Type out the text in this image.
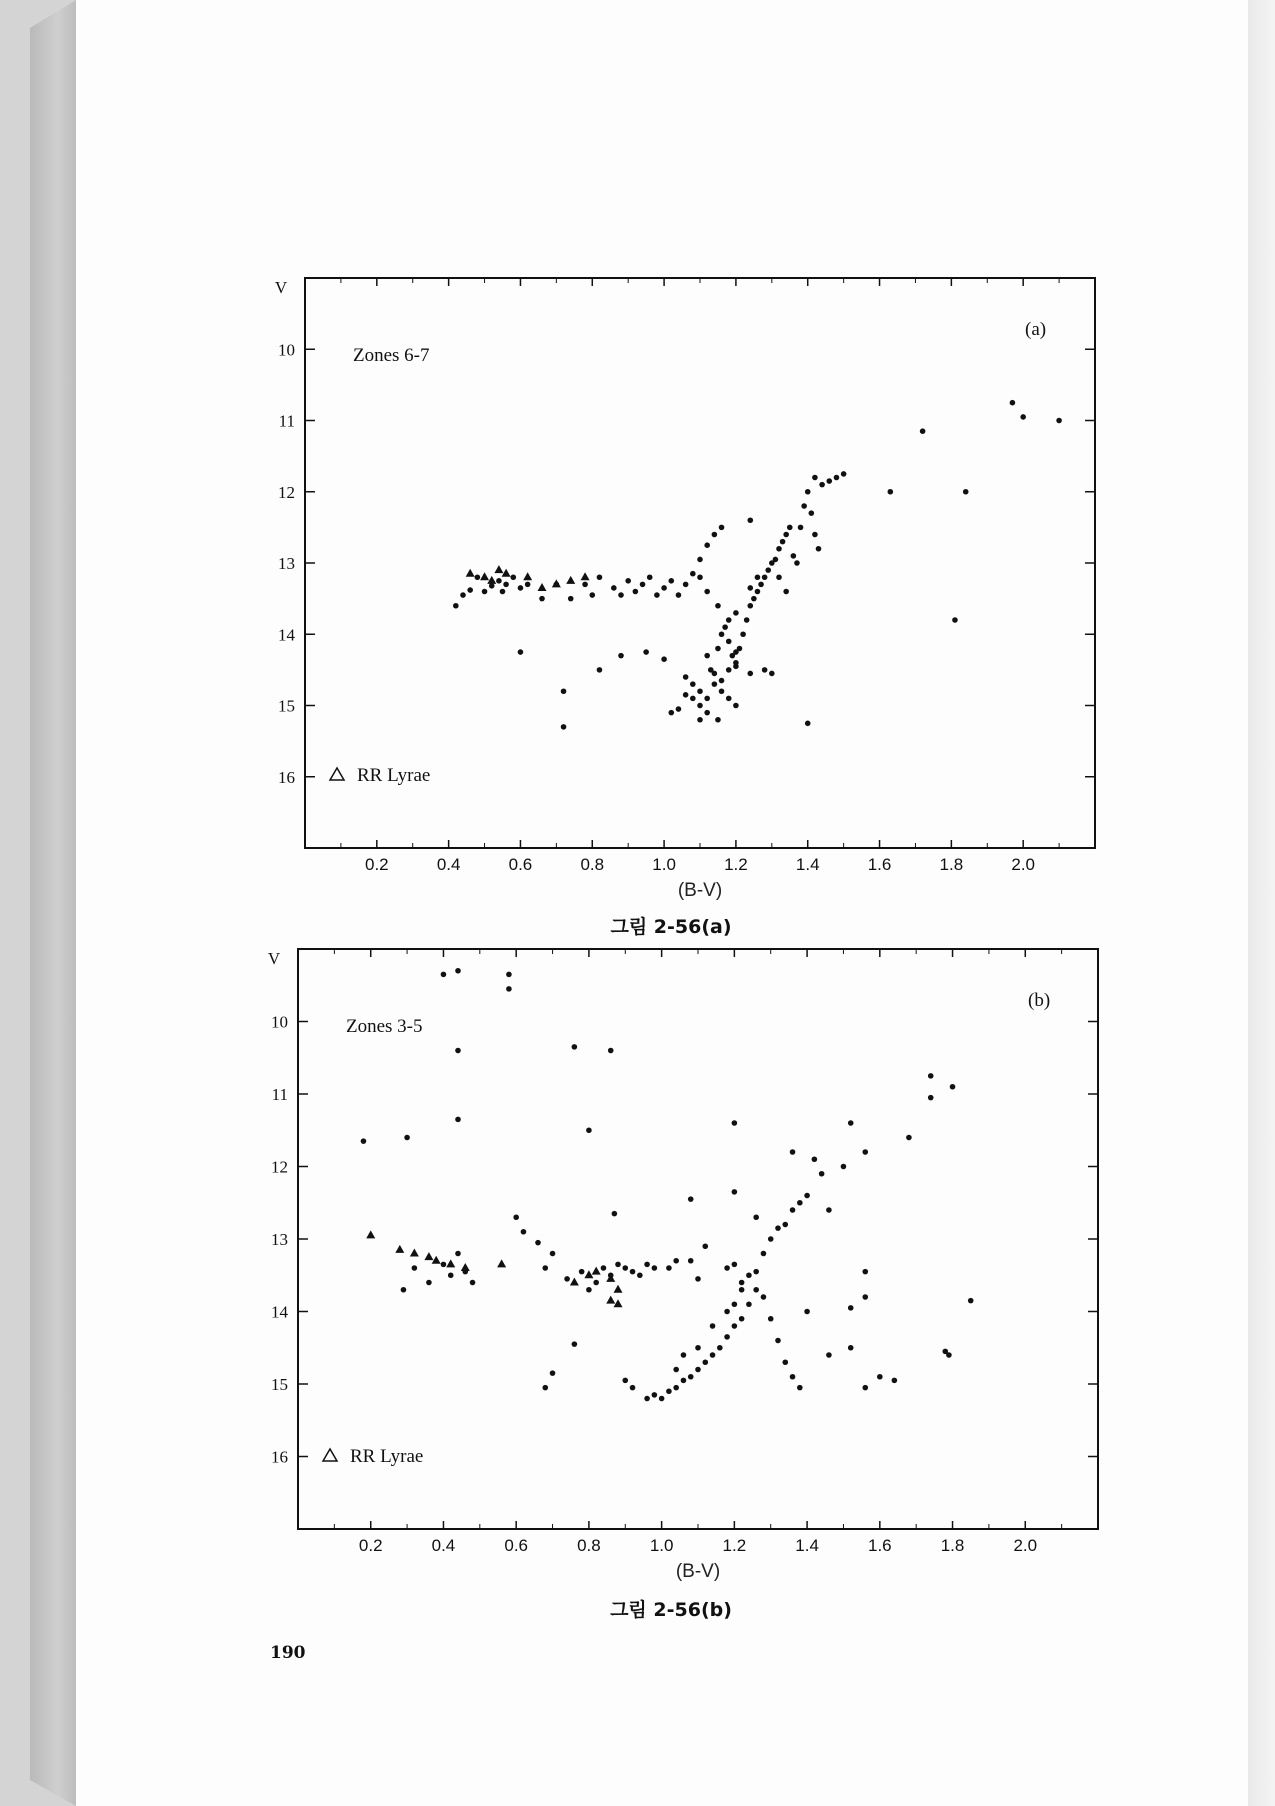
0.2	0.4	0.6	0.8	1.0	1.2	1.4	1.6	1.8	2.0
10
11
12
13
14
15
16
V
(B-V)
Zones 6-7
(a)
RR Lyrae
그림 2-56(a)
0.2	0.4	0.6	0.8	1.0	1.2	1.4	1.6	1.8	2.0
10
11
12
13
14
15
16
V
(B-V)
Zones 3-5
(b)
RR Lyrae
그림 2-56(b)
190
